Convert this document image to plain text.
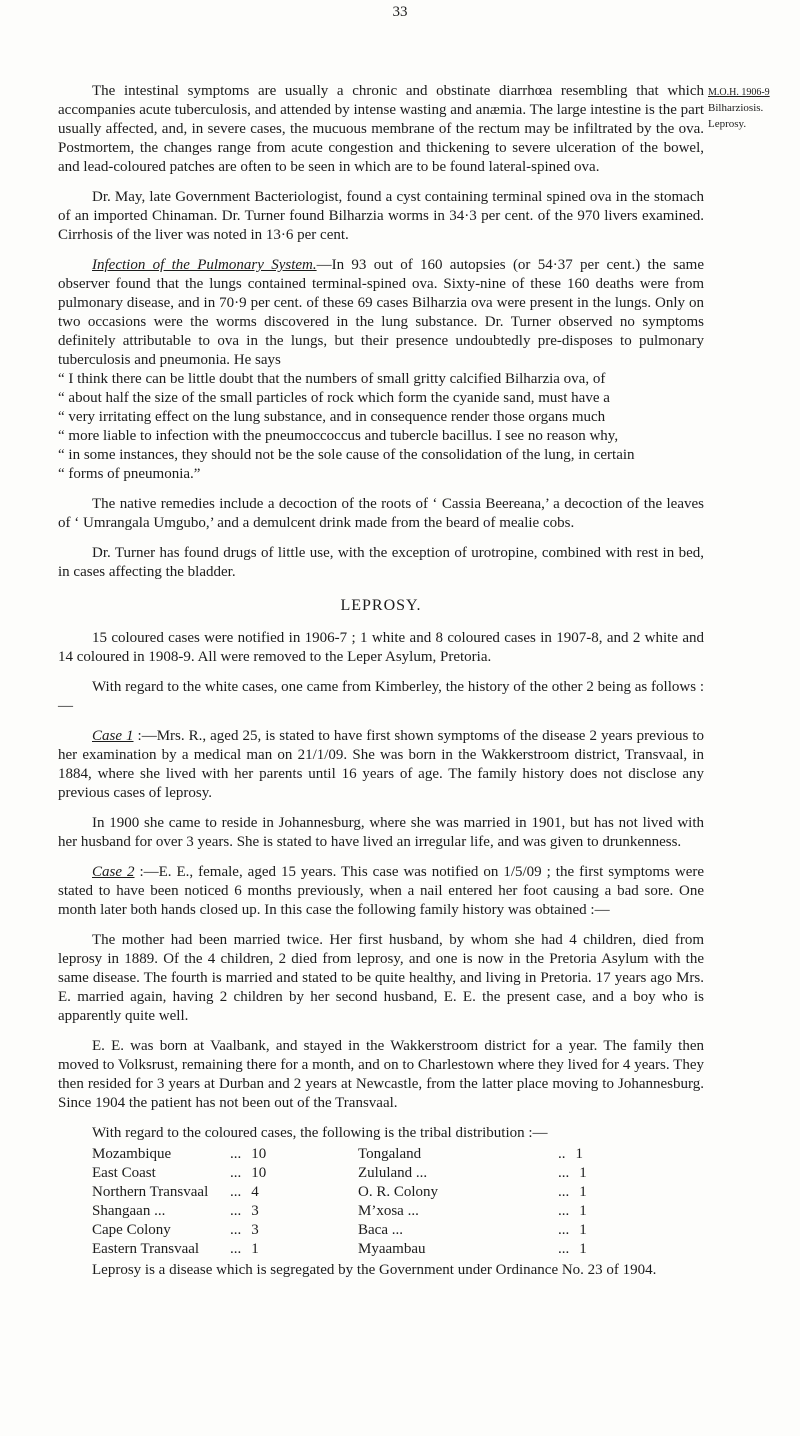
33
M.O.H. 1906-9
Bilharziosis.
Leprosy.

The intestinal symptoms are usually a chronic and obstinate diarrhœa resembling that which accompanies acute tuberculosis, and attended by intense wasting and anæmia. The large intestine is the part usually affected, and, in severe cases, the mucuous membrane of the rectum may be infiltrated by the ova. Postmortem, the changes range from acute congestion and thickening to severe ulceration of the bowel, and lead-coloured patches are often to be seen in which are to be found lateral-spined ova.

Dr. May, late Government Bacteriologist, found a cyst containing terminal spined ova in the stomach of an imported Chinaman. Dr. Turner found Bilharzia worms in 34·3 per cent. of the 970 livers examined. Cirrhosis of the liver was noted in 13·6 per cent.

Infection of the Pulmonary System.—In 93 out of 160 autopsies (or 54·37 per cent.) the same observer found that the lungs contained terminal-spined ova. Sixty-nine of these 160 deaths were from pulmonary disease, and in 70·9 per cent. of these 69 cases Bilharzia ova were present in the lungs. Only on two occasions were the worms discovered in the lung substance. Dr. Turner observed no symptoms definitely attributable to ova in the lungs, but their presence undoubtedly pre-disposes to pulmonary tuberculosis and pneumonia. He says
“ I think there can be little doubt that the numbers of small gritty calcified Bilharzia ova, of
“ about half the size of the small particles of rock which form the cyanide sand, must have a
“ very irritating effect on the lung substance, and in consequence render those organs much
“ more liable to infection with the pneumoccoccus and tubercle bacillus. I see no reason why,
“ in some instances, they should not be the sole cause of the consolidation of the lung, in certain
“ forms of pneumonia.”

The native remedies include a decoction of the roots of ‘ Cassia Beereana,’ a decoction of the leaves of ‘ Umrangala Umgubo,’ and a demulcent drink made from the beard of mealie cobs.

Dr. Turner has found drugs of little use, with the exception of urotropine, combined with rest in bed, in cases affecting the bladder.

LEPROSY.

15 coloured cases were notified in 1906-7 ; 1 white and 8 coloured cases in 1907-8, and 2 white and 14 coloured in 1908-9. All were removed to the Leper Asylum, Pretoria.

With regard to the white cases, one came from Kimberley, the history of the other 2 being as follows :—

Case 1 :—Mrs. R., aged 25, is stated to have first shown symptoms of the disease 2 years previous to her examination by a medical man on 21/1/09. She was born in the Wakkerstroom district, Transvaal, in 1884, where she lived with her parents until 16 years of age. The family history does not disclose any previous cases of leprosy.

In 1900 she came to reside in Johannesburg, where she was married in 1901, but has not lived with her husband for over 3 years. She is stated to have lived an irregular life, and was given to drunkenness.

Case 2 :—E. E., female, aged 15 years. This case was notified on 1/5/09 ; the first symptoms were stated to have been noticed 6 months previously, when a nail entered her foot causing a bad sore. One month later both hands closed up. In this case the following family history was obtained :—

The mother had been married twice. Her first husband, by whom she had 4 children, died from leprosy in 1889. Of the 4 children, 2 died from leprosy, and one is now in the Pretoria Asylum with the same disease. The fourth is married and stated to be quite healthy, and living in Pretoria. 17 years ago Mrs. E. married again, having 2 children by her second husband, E. E. the present case, and a boy who is apparently quite well.

E. E. was born at Vaalbank, and stayed in the Wakkerstroom district for a year. The family then moved to Volksrust, remaining there for a month, and on to Charlestown where they lived for 4 years. They then resided for 3 years at Durban and 2 years at Newcastle, from the latter place moving to Johannesburg. Since 1904 the patient has not been out of the Transvaal.

With regard to the coloured cases, the following is the tribal distribution :—

Mozambique	... 10	Tongaland	.. 1
East Coast	... 10	Zululand ...	... 1
Northern Transvaal	... 4	O. R. Colony	... 1
Shangaan ...	... 3	M’xosa ...	... 1
Cape Colony	... 3	Baca ...	... 1
Eastern Transvaal	... 1	Myaambau	... 1

Leprosy is a disease which is segregated by the Government under Ordinance No. 23 of 1904.
